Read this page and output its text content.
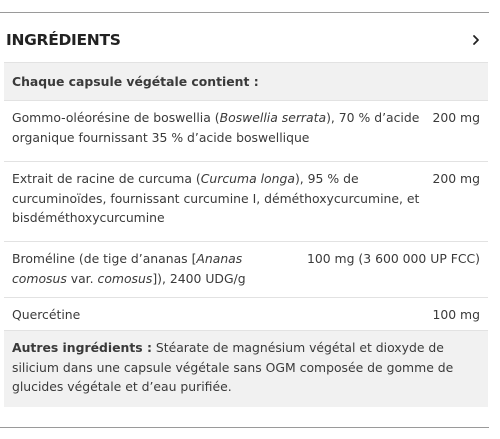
INGRÉDIENTS
Chaque capsule végétale contient :
Gommo-oléorésine de boswellia (Boswellia serrata), 70 % d’acide organique fournissant 35 % d’acide boswellique
200 mg
Extrait de racine de curcuma (Curcuma longa), 95 % de curcuminoïdes, fournissant curcumine I, déméthoxycurcumine, et bisdéméthoxycurcumine
200 mg
Broméline (de tige d’ananas [Ananas comosus var. comosus]), 2400 UDG/g
100 mg (3 600 000 UP FCC)
Quercétine	100 mg
Autres ingrédients : Stéarate de magnésium végétal et dioxyde de silicium dans une capsule végétale sans OGM composée de gomme de glucides végétale et d’eau purifiée.
